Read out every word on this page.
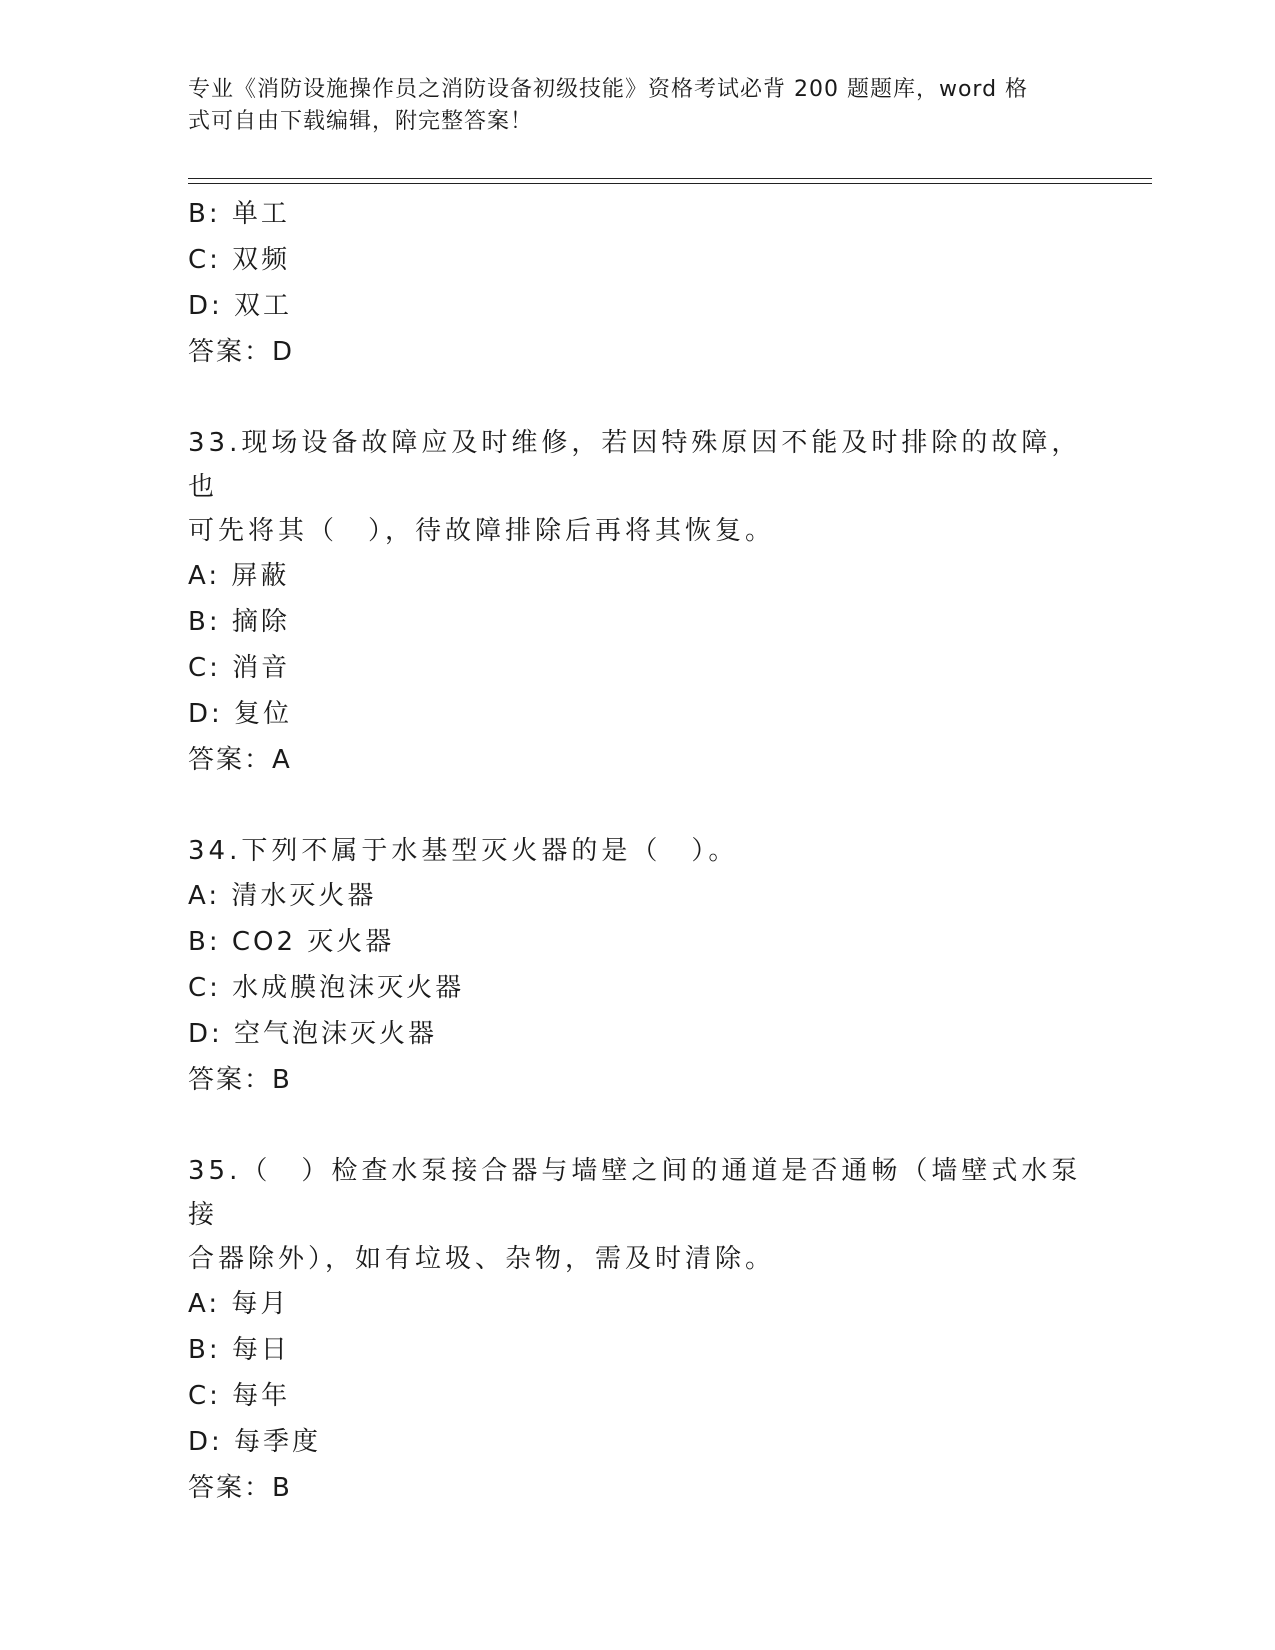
专业《消防设施操作员之消防设备初级技能》资格考试必背 200 题题库，word 格
式可自由下载编辑，附完整答案！
B: 单工
C: 双频
D: 双工
答案：D
33.现场设备故障应及时维修，若因特殊原因不能及时排除的故障，也
可先将其（　），待故障排除后再将其恢复。
A: 屏蔽
B: 摘除
C: 消音
D: 复位
答案：A
34.下列不属于水基型灭火器的是（　）。
A: 清水灭火器
B: CO2 灭火器
C: 水成膜泡沫灭火器
D: 空气泡沫灭火器
答案：B
35.（　）检查水泵接合器与墙壁之间的通道是否通畅（墙壁式水泵接
合器除外），如有垃圾、杂物，需及时清除。
A: 每月
B: 每日
C: 每年
D: 每季度
答案：B
